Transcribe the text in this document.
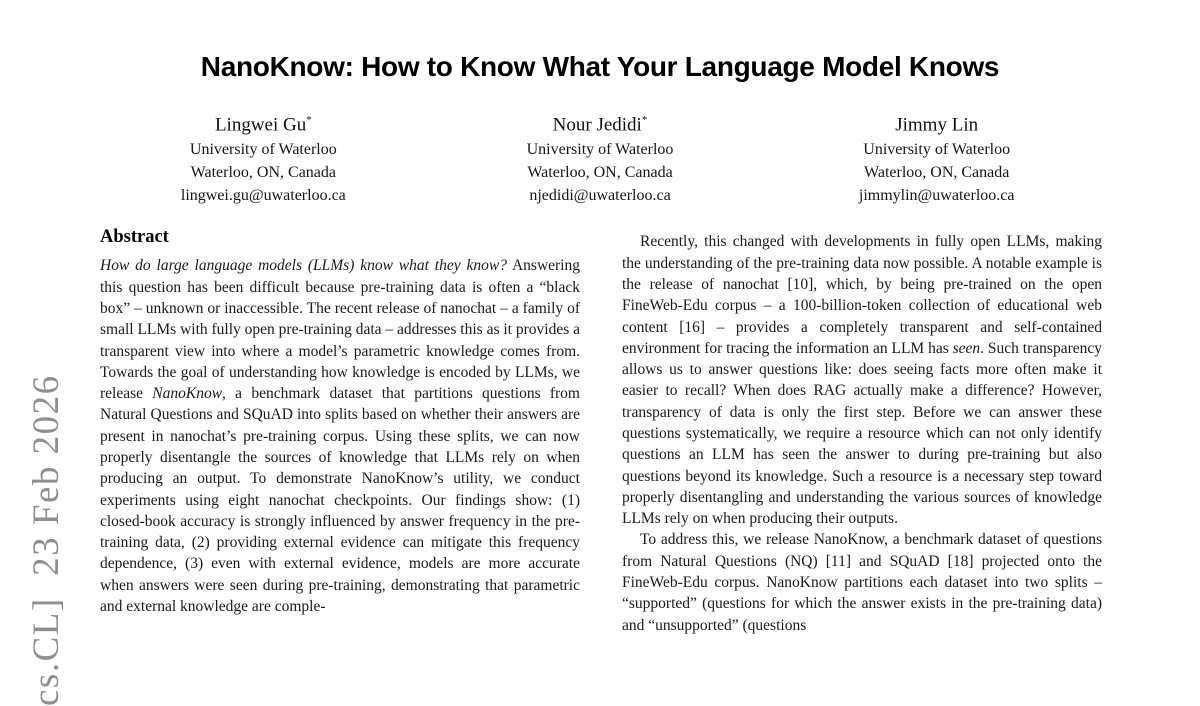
cs.CL]  23 Feb 2026
NanoKnow: How to Know What Your Language Model Knows
Lingwei Gu*
University of Waterloo
Waterloo, ON, Canada
lingwei.gu@uwaterloo.ca
Nour Jedidi*
University of Waterloo
Waterloo, ON, Canada
njedidi@uwaterloo.ca
Jimmy Lin
University of Waterloo
Waterloo, ON, Canada
jimmylin@uwaterloo.ca
Abstract

How do large language models (LLMs) know what they know? Answering this question has been difficult because pre-training data is often a “black box” – unknown or inaccessible. The recent release of nanochat – a family of small LLMs with fully open pre-training data – addresses this as it provides a transparent view into where a model’s parametric knowledge comes from. Towards the goal of understanding how knowledge is encoded by LLMs, we release NanoKnow, a benchmark dataset that partitions questions from Natural Questions and SQuAD into splits based on whether their answers are present in nanochat’s pre-training corpus. Using these splits, we can now properly disentangle the sources of knowledge that LLMs rely on when producing an output. To demonstrate NanoKnow’s utility, we conduct experiments using eight nanochat checkpoints. Our findings show: (1) closed-book accuracy is strongly influenced by answer frequency in the pre-training data, (2) providing external evidence can mitigate this frequency dependence, (3) even with external evidence, models are more accurate when answers were seen during pre-training, demonstrating that parametric and external knowledge are comple-

Recently, this changed with developments in fully open LLMs, making the understanding of the pre-training data now possible. A notable example is the release of nanochat [10], which, by being pre-trained on the open FineWeb-Edu corpus – a 100-billion-token collection of educational web content [16] – provides a completely transparent and self-contained environment for tracing the information an LLM has seen. Such transparency allows us to answer questions like: does seeing facts more often make it easier to recall? When does RAG actually make a difference? However, transparency of data is only the first step. Before we can answer these questions systematically, we require a resource which can not only identify questions an LLM has seen the answer to during pre-training but also questions beyond its knowledge. Such a resource is a necessary step toward properly disentangling and understanding the various sources of knowledge LLMs rely on when producing their outputs.

To address this, we release NanoKnow, a benchmark dataset of questions from Natural Questions (NQ) [11] and SQuAD [18] projected onto the FineWeb-Edu corpus. NanoKnow partitions each dataset into two splits – “supported” (questions for which the answer exists in the pre-training data) and “unsupported” (questions
